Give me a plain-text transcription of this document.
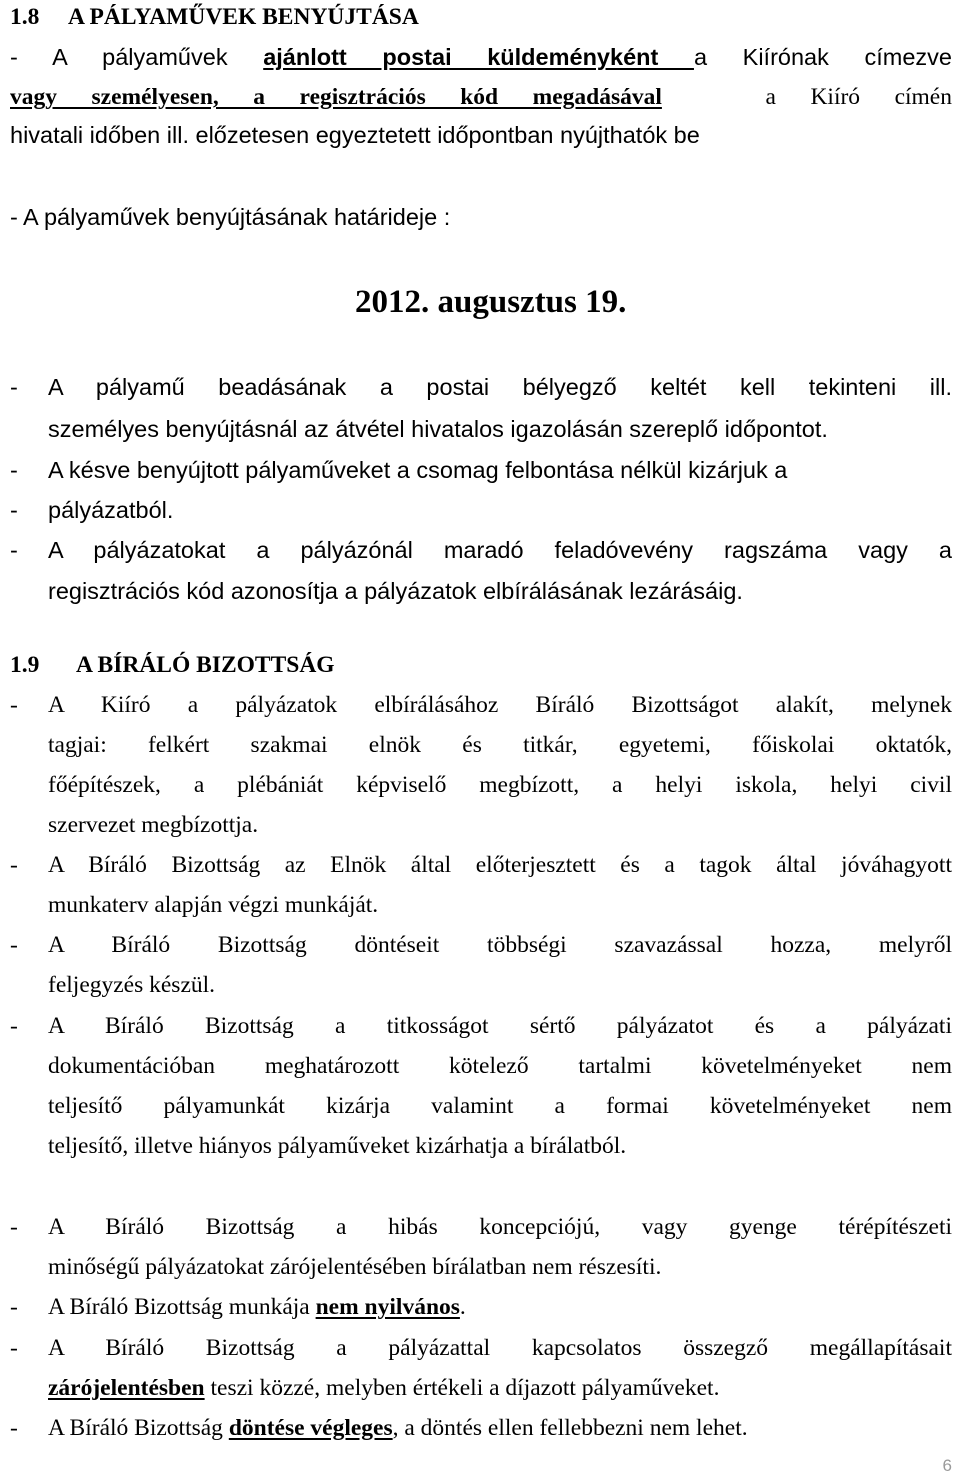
1.8 A PÁLYAMŰVEK BENYÚJTÁSA
- A pályaművek ajánlott postai küldeményként a Kiírónak címezve
vagy személyesen, a regisztrációs kód megadásával	a Kiíró címén
hivatali időben ill. előzetesen egyeztetett időpontban nyújthatók be
- A pályaművek benyújtásának határideje :
2012. augusztus 19.
- A pályamű beadásának a postai bélyegző keltét kell tekinteni ill.
személyes benyújtásnál az átvétel hivatalos igazolásán szereplő időpontot.
- A késve benyújtott pályaműveket a csomag felbontása nélkül kizárjuk a
- pályázatból.
- A pályázatokat a pályázónál maradó feladóvevény ragszáma vagy a
regisztrációs kód azonosítja a pályázatok elbírálásának lezárásáig.
1.9 A BÍRÁLÓ BIZOTTSÁG
- A Kiíró a pályázatok elbírálásához Bíráló Bizottságot alakít, melynek
tagjai: felkért szakmai elnök és titkár, egyetemi, főiskolai oktatók,
főépítészek, a plébániát képviselő megbízott, a helyi iskola, helyi civil
szervezet megbízottja.
- A Bíráló Bizottság az Elnök által előterjesztett és a tagok által jóváhagyott
munkaterv alapján végzi munkáját.
- A Bíráló Bizottság döntéseit többségi szavazással hozza, melyről
feljegyzés készül.
- A Bíráló Bizottság a titkosságot sértő pályázatot és a pályázati
dokumentációban meghatározott kötelező tartalmi követelményeket nem
teljesítő pályamunkát kizárja valamint a formai követelményeket nem
teljesítő, illetve hiányos pályaműveket kizárhatja a bírálatból.
- A Bíráló Bizottság a hibás koncepciójú, vagy gyenge térépítészeti
minőségű pályázatokat zárójelentésében bírálatban nem részesíti.
- A Bíráló Bizottság munkája nem nyilvános.
- A Bíráló Bizottság a pályázattal kapcsolatos összegző megállapításait
zárójelentésben teszi közzé, melyben értékeli a díjazott pályaműveket.
- A Bíráló Bizottság döntése végleges, a döntés ellen fellebbezni nem lehet.
6
